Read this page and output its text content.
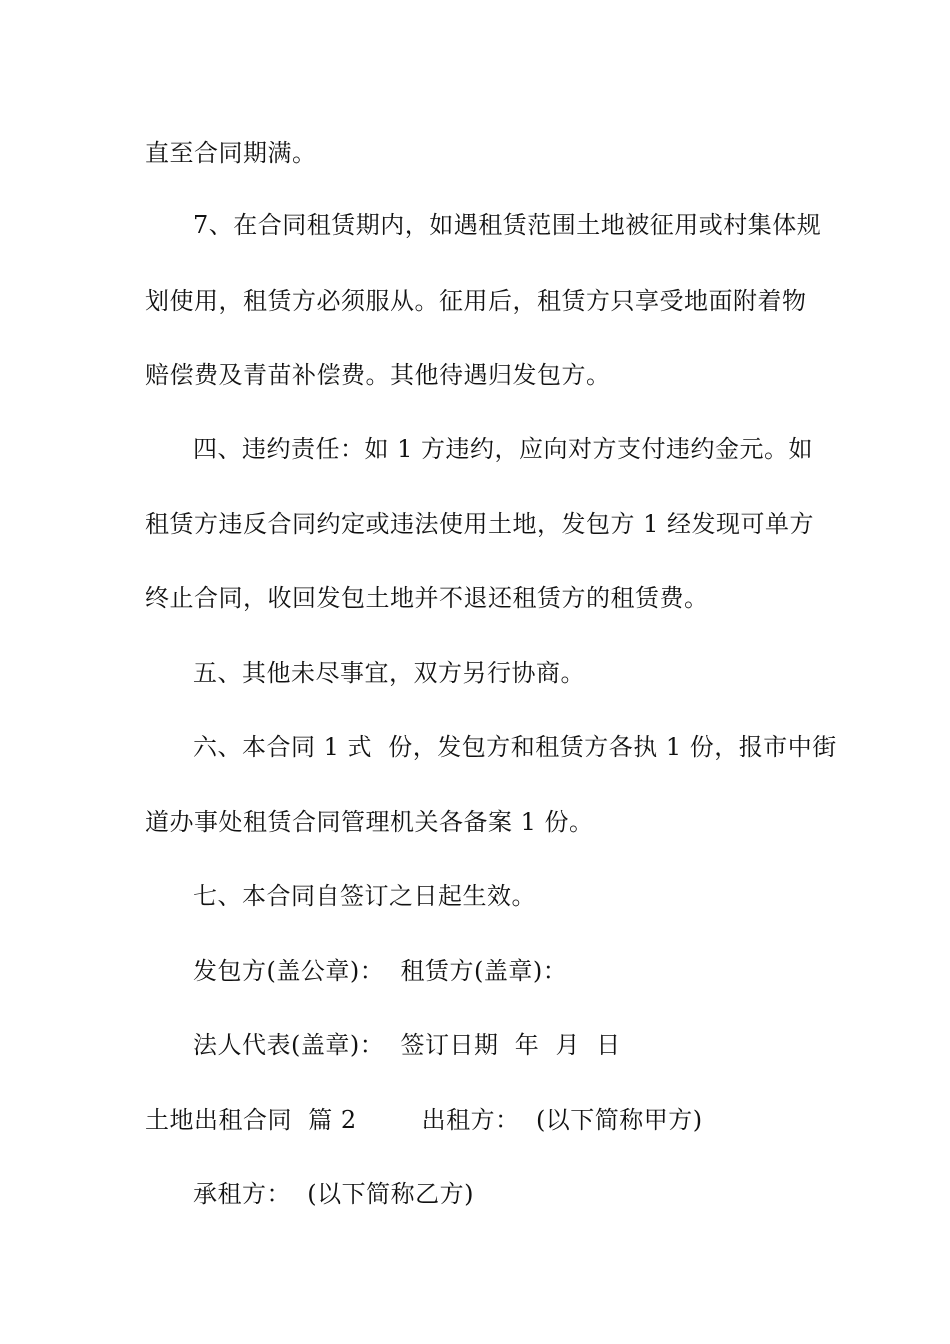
直至合同期满。
7、在合同租赁期内，如遇租赁范围土地被征用或村集体规
划使用，租赁方必须服从。征用后，租赁方只享受地面附着物
赔偿费及青苗补偿费。其他待遇归发包方。
四、违约责任：如 1 方违约，应向对方支付违约金元。如
租赁方违反合同约定或违法使用土地，发包方 1 经发现可单方
终止合同，收回发包土地并不退还租赁方的租赁费。
五、其他未尽事宜，双方另行协商。
六、本合同 1 式  份，发包方和租赁方各执 1 份，报市中街
道办事处租赁合同管理机关各备案 1 份。
七、本合同自签订之日起生效。
发包方(盖公章)：  租赁方(盖章)：
法人代表(盖章)：  签订日期  年  月  日
土地出租合同  篇 2        出租方：  (以下简称甲方)
承租方：  (以下简称乙方)
